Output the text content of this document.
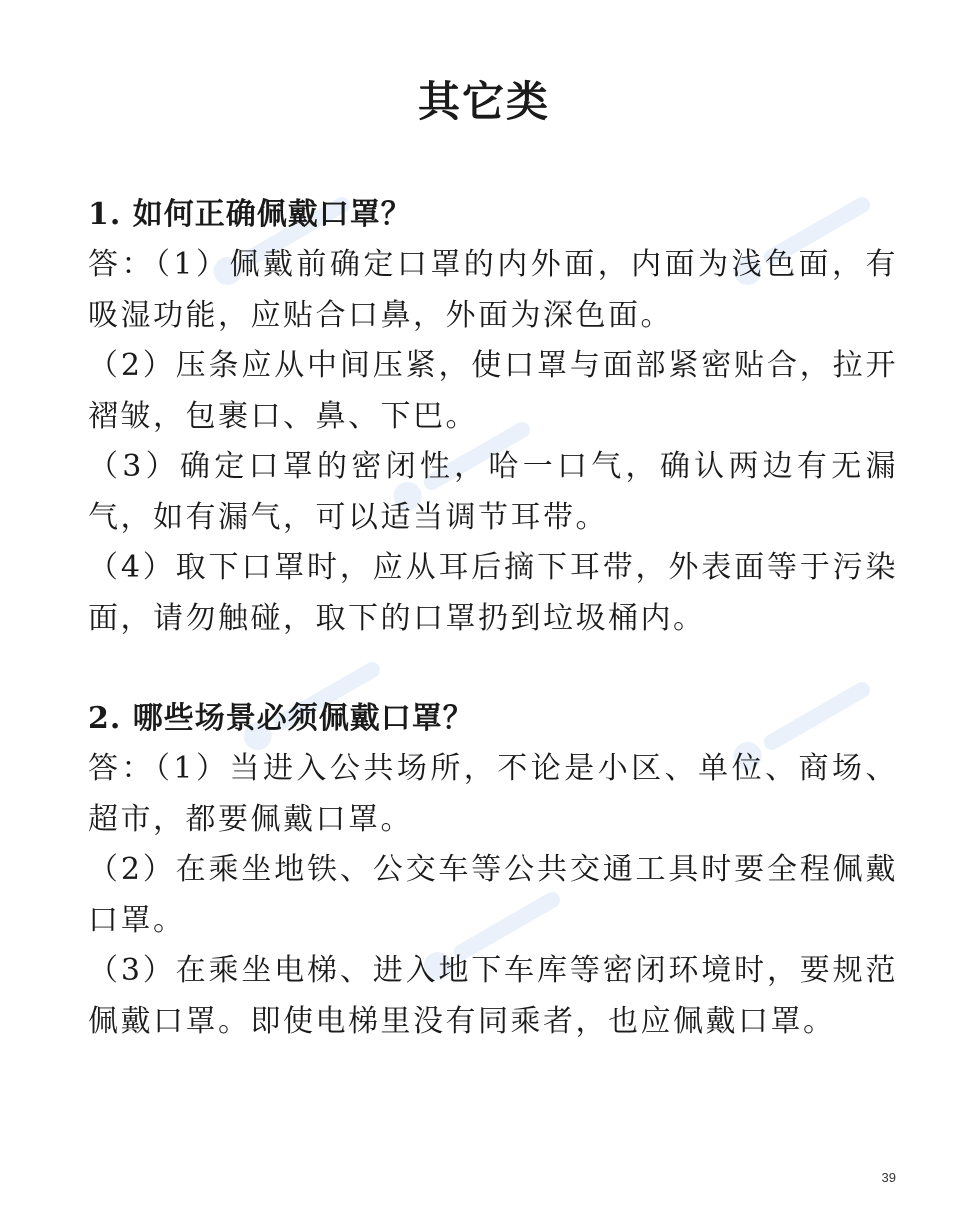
其它类
1. 如何正确佩戴口罩？

答：（1）佩戴前确定口罩的内外面，内面为浅色面，有吸湿功能，应贴合口鼻，外面为深色面。

（2）压条应从中间压紧，使口罩与面部紧密贴合，拉开褶皱，包裹口、鼻、下巴。

（3）确定口罩的密闭性，哈一口气，确认两边有无漏气，如有漏气，可以适当调节耳带。

（4）取下口罩时，应从耳后摘下耳带，外表面等于污染面，请勿触碰，取下的口罩扔到垃圾桶内。

2. 哪些场景必须佩戴口罩？

答：（1）当进入公共场所，不论是小区、单位、商场、超市，都要佩戴口罩。

（2）在乘坐地铁、公交车等公共交通工具时要全程佩戴口罩。

（3）在乘坐电梯、进入地下车库等密闭环境时，要规范佩戴口罩。即使电梯里没有同乘者，也应佩戴口罩。

39
